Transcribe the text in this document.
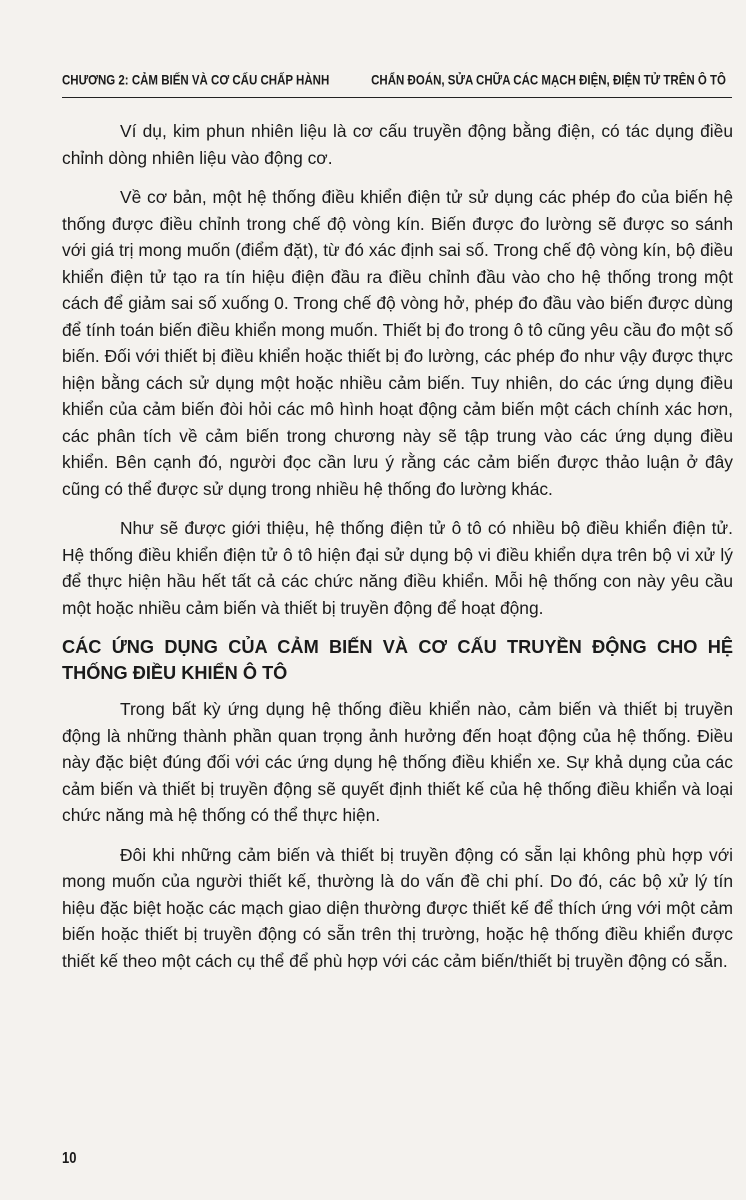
CHƯƠNG 2: CẢM BIẾN VÀ CƠ CẤU CHẤP HÀNH	CHẨN ĐOÁN, SỬA CHỮA CÁC MẠCH ĐIỆN, ĐIỆN TỬ TRÊN Ô TÔ

Ví dụ, kim phun nhiên liệu là cơ cấu truyền động bằng điện, có tác dụng điều chỉnh dòng nhiên liệu vào động cơ.

Về cơ bản, một hệ thống điều khiển điện tử sử dụng các phép đo của biến hệ thống được điều chỉnh trong chế độ vòng kín. Biến được đo lường sẽ được so sánh với giá trị mong muốn (điểm đặt), từ đó xác định sai số. Trong chế độ vòng kín, bộ điều khiển điện tử tạo ra tín hiệu điện đầu ra điều chỉnh đầu vào cho hệ thống trong một cách để giảm sai số xuống 0. Trong chế độ vòng hở, phép đo đầu vào biến được dùng để tính toán biến điều khiển mong muốn. Thiết bị đo trong ô tô cũng yêu cầu đo một số biến. Đối với thiết bị điều khiển hoặc thiết bị đo lường, các phép đo như vậy được thực hiện bằng cách sử dụng một hoặc nhiều cảm biến. Tuy nhiên, do các ứng dụng điều khiển của cảm biến đòi hỏi các mô hình hoạt động cảm biến một cách chính xác hơn, các phân tích về cảm biến trong chương này sẽ tập trung vào các ứng dụng điều khiển. Bên cạnh đó, người đọc cần lưu ý rằng các cảm biến được thảo luận ở đây cũng có thể được sử dụng trong nhiều hệ thống đo lường khác.

Như sẽ được giới thiệu, hệ thống điện tử ô tô có nhiều bộ điều khiển điện tử. Hệ thống điều khiển điện tử ô tô hiện đại sử dụng bộ vi điều khiển dựa trên bộ vi xử lý để thực hiện hầu hết tất cả các chức năng điều khiển. Mỗi hệ thống con này yêu cầu một hoặc nhiều cảm biến và thiết bị truyền động để hoạt động.

CÁC ỨNG DỤNG CỦA CẢM BIẾN VÀ CƠ CẤU TRUYỀN ĐỘNG CHO HỆ THỐNG ĐIỀU KHIỂN Ô TÔ

Trong bất kỳ ứng dụng hệ thống điều khiển nào, cảm biến và thiết bị truyền động là những thành phần quan trọng ảnh hưởng đến hoạt động của hệ thống. Điều này đặc biệt đúng đối với các ứng dụng hệ thống điều khiển xe. Sự khả dụng của các cảm biến và thiết bị truyền động sẽ quyết định thiết kế của hệ thống điều khiển và loại chức năng mà hệ thống có thể thực hiện.

Đôi khi những cảm biến và thiết bị truyền động có sẵn lại không phù hợp với mong muốn của người thiết kế, thường là do vấn đề chi phí. Do đó, các bộ xử lý tín hiệu đặc biệt hoặc các mạch giao diện thường được thiết kế để thích ứng với một cảm biến hoặc thiết bị truyền động có sẵn trên thị trường, hoặc hệ thống điều khiển được thiết kế theo một cách cụ thể để phù hợp với các cảm biến/thiết bị truyền động có sẵn.

10
